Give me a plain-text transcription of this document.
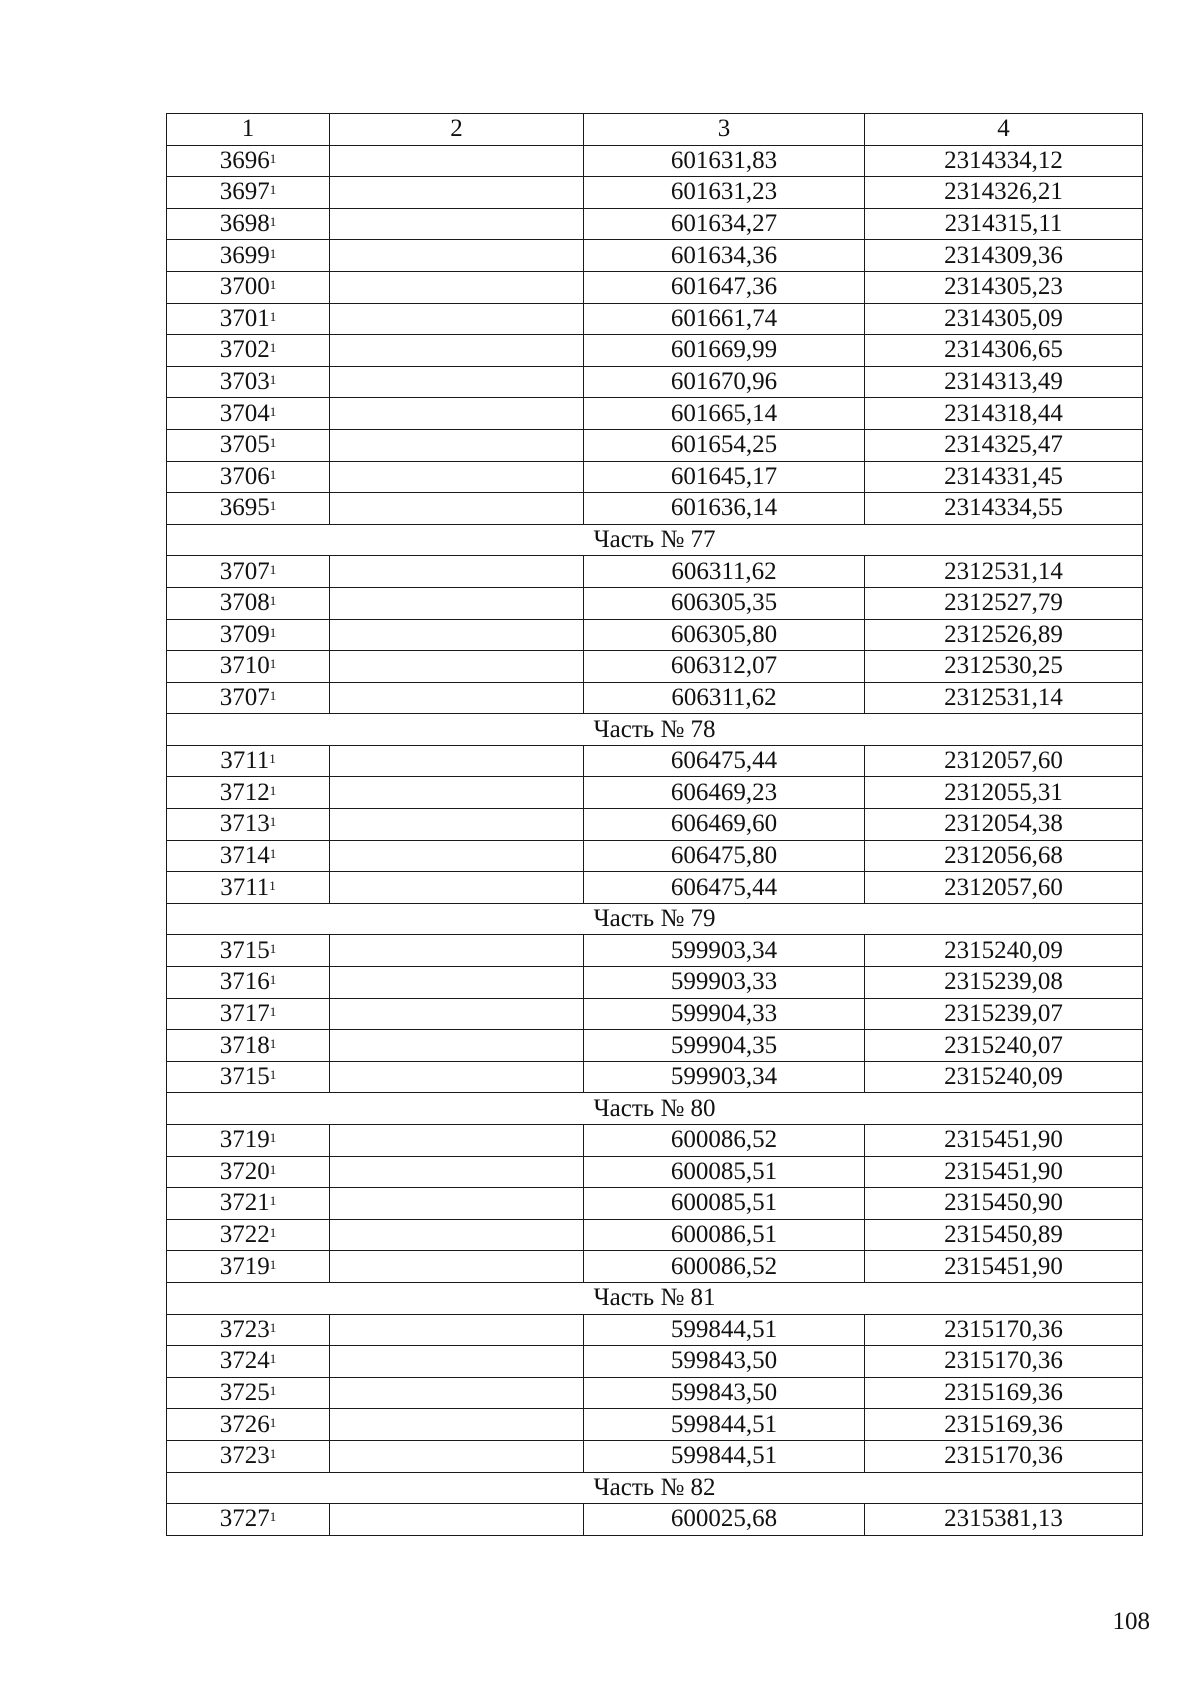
1	2	3	4
3696$^1$		601631,83	2314334,12
3697$^1$		601631,23	2314326,21
3698$^1$		601634,27	2314315,11
3699$^1$		601634,36	2314309,36
3700$^1$		601647,36	2314305,23
3701$^1$		601661,74	2314305,09
3702$^1$		601669,99	2314306,65
3703$^1$		601670,96	2314313,49
3704$^1$		601665,14	2314318,44
3705$^1$		601654,25	2314325,47
3706$^1$		601645,17	2314331,45
3695$^1$		601636,14	2314334,55
Часть № 77			
3707$^1$		606311,62	2312531,14
3708$^1$		606305,35	2312527,79
3709$^1$		606305,80	2312526,89
3710$^1$		606312,07	2312530,25
3707$^1$		606311,62	2312531,14
Часть № 78			
3711$^1$		606475,44	2312057,60
3712$^1$		606469,23	2312055,31
3713$^1$		606469,60	2312054,38
3714$^1$		606475,80	2312056,68
3711$^1$		606475,44	2312057,60
Часть № 79			
3715$^1$		599903,34	2315240,09
3716$^1$		599903,33	2315239,08
3717$^1$		599904,33	2315239,07
3718$^1$		599904,35	2315240,07
3715$^1$		599903,34	2315240,09
Часть № 80			
3719$^1$		600086,52	2315451,90
3720$^1$		600085,51	2315451,90
3721$^1$		600085,51	2315450,90
3722$^1$		600086,51	2315450,89
3719$^1$		600086,52	2315451,90
Часть № 81			
3723$^1$		599844,51	2315170,36
3724$^1$		599843,50	2315170,36
3725$^1$		599843,50	2315169,36
3726$^1$		599844,51	2315169,36
3723$^1$		599844,51	2315170,36
Часть № 82			
3727$^1$		600025,68	2315381,13
108
